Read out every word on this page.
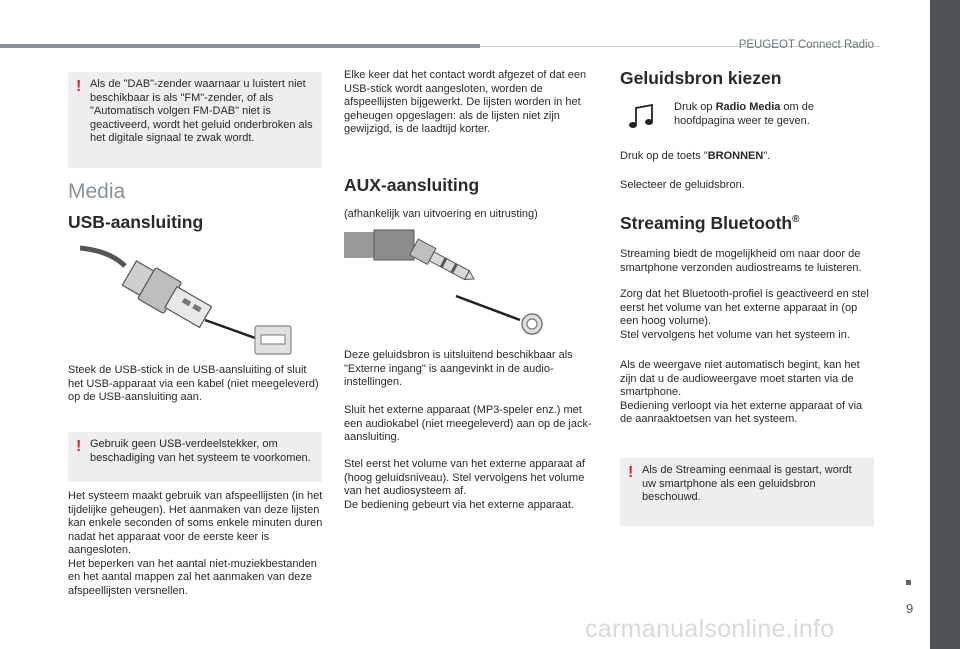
PEUGEOT Connect Radio
9
carmanualsonline.info
! Als de "DAB"-zender waarnaar u luistert niet beschikbaar is als "FM"-zender, of als "Automatisch volgen FM-DAB" niet is geactiveerd, wordt het geluid onderbroken als het digitale signaal te zwak wordt.
Media
USB-aansluiting
Steek de USB-stick in de USB-aansluiting of sluit het USB-apparaat via een kabel (niet meegeleverd) op de USB-aansluiting aan.
! Gebruik geen USB-verdeelstekker, om beschadiging van het systeem te voorkomen.
Het systeem maakt gebruik van afspeellijsten (in het tijdelijke geheugen). Het aanmaken van deze lijsten kan enkele seconden of soms enkele minuten duren nadat het apparaat voor de eerste keer is aangesloten.
Het beperken van het aantal niet-muziekbestanden en het aantal mappen zal het aanmaken van deze afspeellijsten versnellen.
Elke keer dat het contact wordt afgezet of dat een USB-stick wordt aangesloten, worden de afspeellijsten bijgewerkt. De lijsten worden in het geheugen opgeslagen: als de lijsten niet zijn gewijzigd, is de laadtijd korter.
AUX-aansluiting
(afhankelijk van uitvoering en uitrusting)
Deze geluidsbron is uitsluitend beschikbaar als "Externe ingang" is aangevinkt in de audio-instellingen.
Sluit het externe apparaat (MP3-speler enz.) met een audiokabel (niet meegeleverd) aan op de jack-aansluiting.
Stel eerst het volume van het externe apparaat af (hoog geluidsniveau). Stel vervolgens het volume van het audiosysteem af.
De bediening gebeurt via het externe apparaat.
Geluidsbron kiezen
Druk op Radio Media om de hoofdpagina weer te geven.
Druk op de toets "BRONNEN".
Selecteer de geluidsbron.
Streaming Bluetooth®
Streaming biedt de mogelijkheid om naar door de smartphone verzonden audiostreams te luisteren.
Zorg dat het Bluetooth-profiel is geactiveerd en stel eerst het volume van het externe apparaat in (op een hoog volume).
Stel vervolgens het volume van het systeem in.
Als de weergave niet automatisch begint, kan het zijn dat u de audioweergave moet starten via de smartphone.
Bediening verloopt via het externe apparaat of via de aanraaktoetsen van het systeem.
! Als de Streaming eenmaal is gestart, wordt uw smartphone als een geluidsbron beschouwd.
